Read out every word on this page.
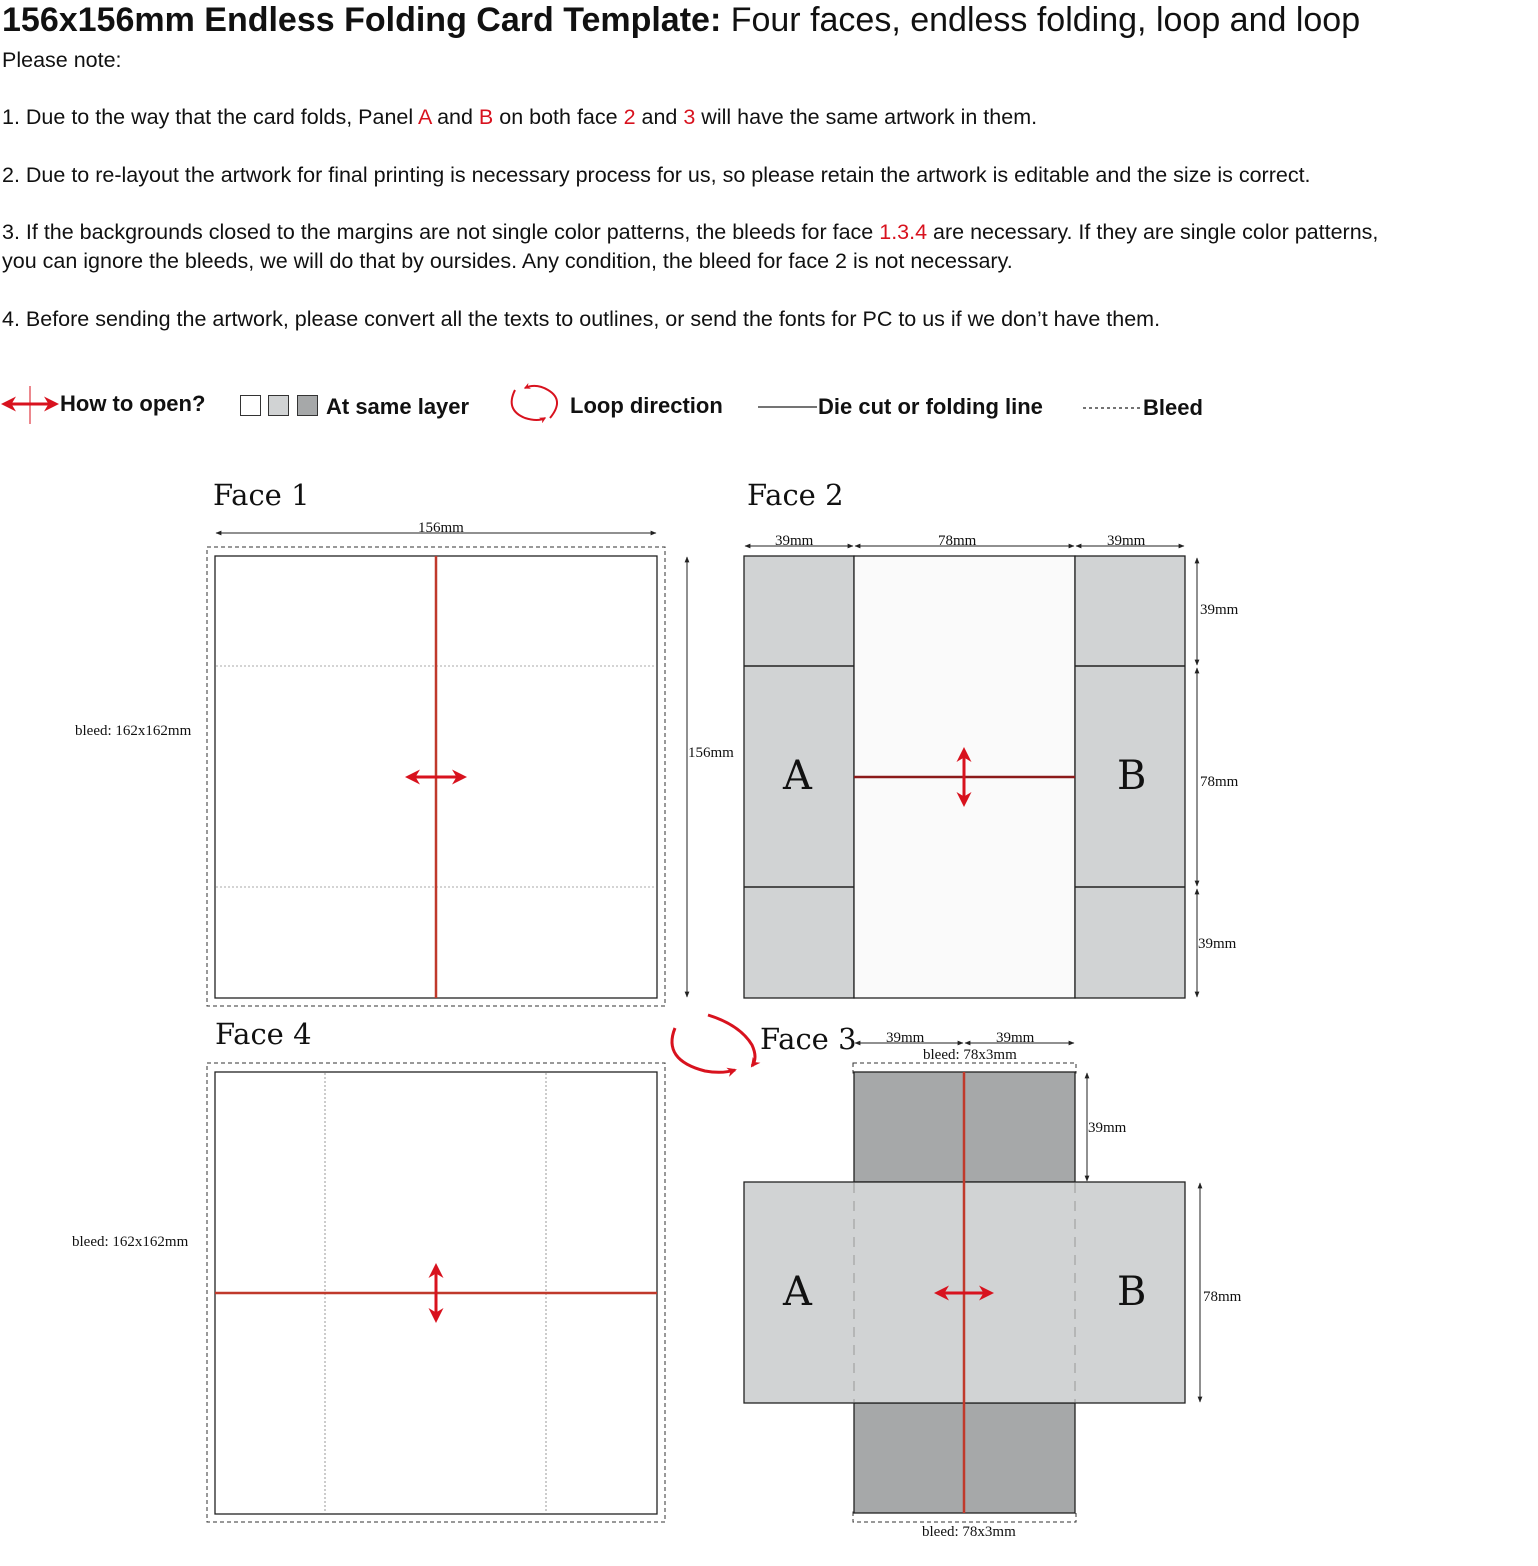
156x156mm Endless Folding Card Template: Four faces, endless folding, loop and loop
Please note:
1. Due to the way that the card folds, Panel A and B on both face 2 and 3 will have the same artwork in them.
2. Due to re-layout the artwork for final printing is necessary process for us, so please retain the artwork is editable and the size is correct.
3. If the backgrounds closed to the margins are not single color patterns, the bleeds for face 1.3.4 are necessary. If they are single color patterns,
you can ignore the bleeds, we will do that by oursides. Any condition, the bleed for face 2 is not necessary.
4. Before sending the artwork, please convert all the texts to outlines, or send the fonts for PC to us if we don’t have them.
How to open?	At same layer	Loop direction	Die cut or folding line	Bleed
Face 1	Face 2
Face 4	Face 3
156mm
156mm
bleed: 162x162mm
39mm	78mm	39mm
39mm
78mm
39mm
A	B
bleed: 162x162mm
39mm	39mm
bleed: 78x3mm
bleed: 78x3mm
39mm
78mm
A	B
